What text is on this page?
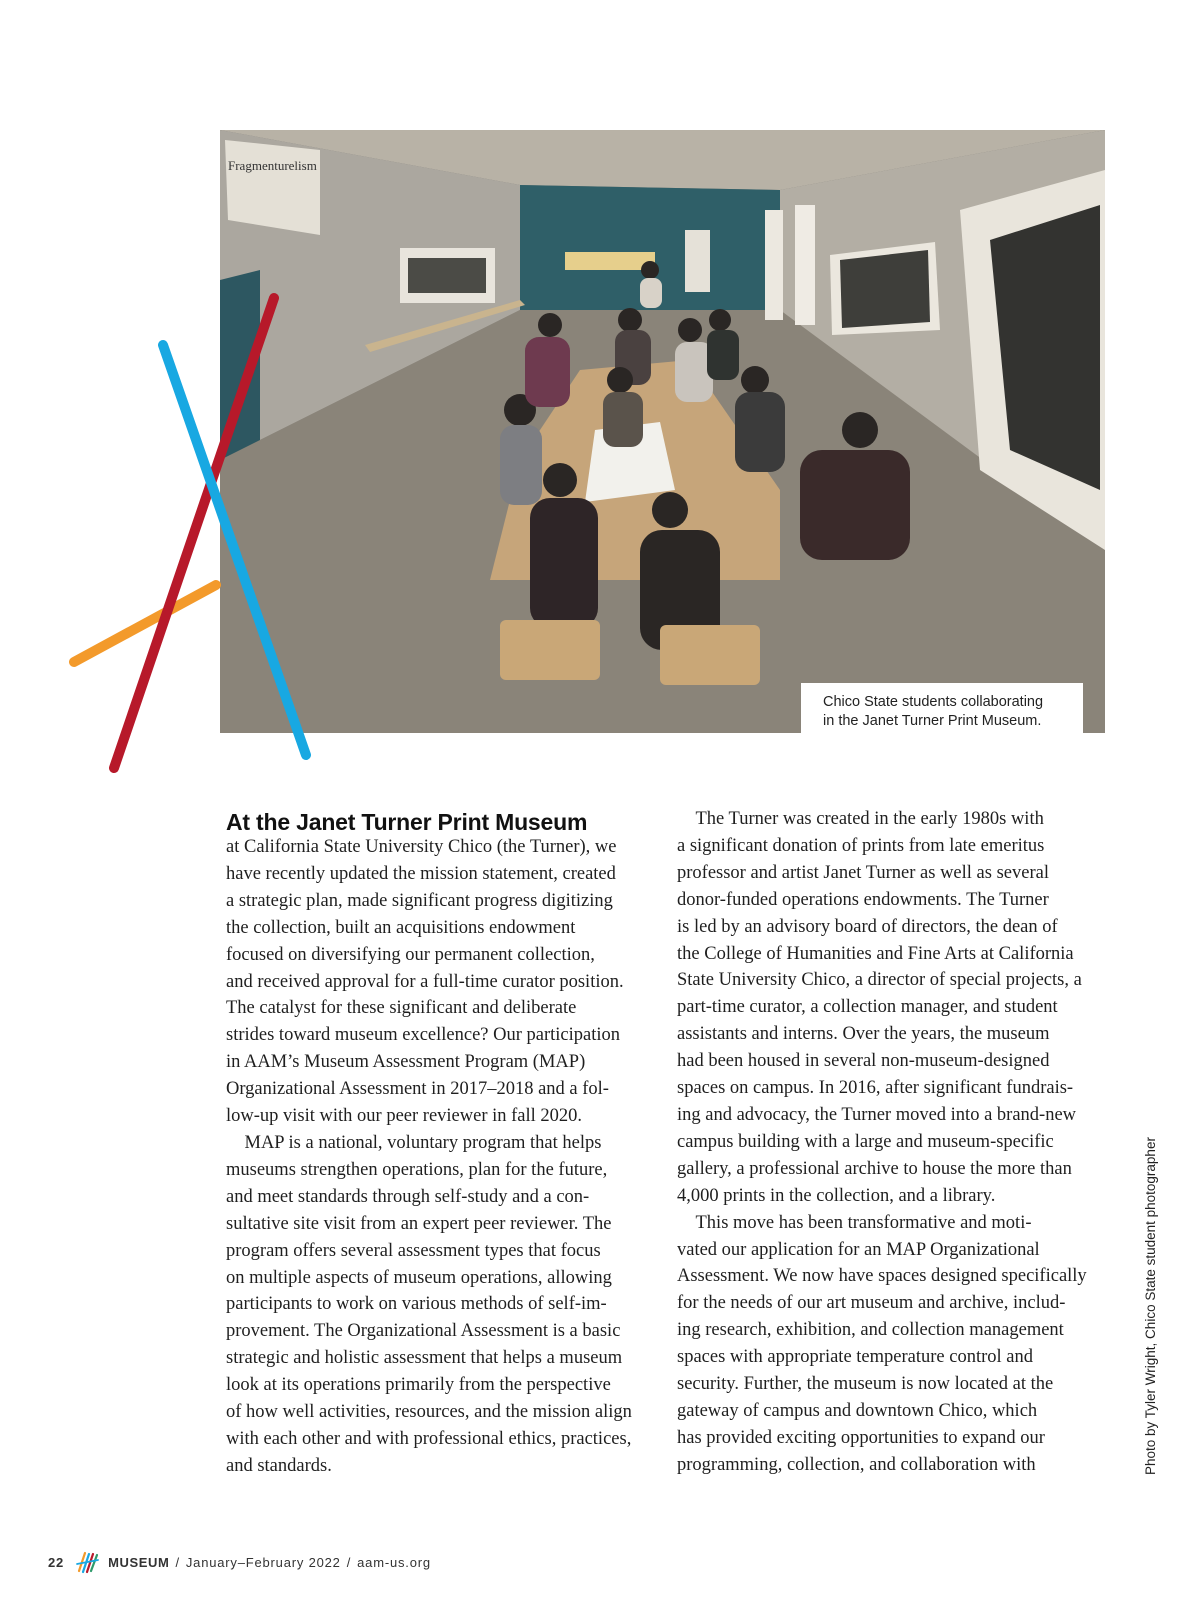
Fragmenturelism
Chico State students collaborating
in the Janet Turner Print Museum.
At the Janet Turner Print Museum

at California State University Chico (the Turner), we

have recently updated the mission statement, created

a strategic plan, made significant progress digitizing

the collection, built an acquisitions endowment

focused on diversifying our permanent collection,

and received approval for a full-time curator position.

The catalyst for these significant and deliberate

strides toward museum excellence? Our participation

in AAM’s Museum Assessment Program (MAP)

Organizational Assessment in 2017–2018 and a fol-

low-up visit with our peer reviewer in fall 2020.

 MAP is a national, voluntary program that helps

museums strengthen operations, plan for the future,

and meet standards through self-study and a con-

sultative site visit from an expert peer reviewer. The

program offers several assessment types that focus

on multiple aspects of museum operations, allowing

participants to work on various methods of self-im-

provement. The Organizational Assessment is a basic

strategic and holistic assessment that helps a museum

look at its operations primarily from the perspective

of how well activities, resources, and the mission align

with each other and with professional ethics, practices,

and standards.

 The Turner was created in the early 1980s with

a significant donation of prints from late emeritus

professor and artist Janet Turner as well as several

donor-funded operations endowments. The Turner

is led by an advisory board of directors, the dean of

the College of Humanities and Fine Arts at California

State University Chico, a director of special projects, a

part-time curator, a collection manager, and student

assistants and interns. Over the years, the museum

had been housed in several non-museum-designed

spaces on campus. In 2016, after significant fundrais-

ing and advocacy, the Turner moved into a brand-new

campus building with a large and museum-specific

gallery, a professional archive to house the more than

4,000 prints in the collection, and a library.

 This move has been transformative and moti-

vated our application for an MAP Organizational

Assessment. We now have spaces designed specifically

for the needs of our art museum and archive, includ-

ing research, exhibition, and collection management

spaces with appropriate temperature control and

security. Further, the museum is now located at the

gateway of campus and downtown Chico, which

has provided exciting opportunities to expand our

programming, collection, and collaboration with	Photo by Tyler Wright, Chico State student photographer
22	MUSEUM / January–February 2022 / aam-us.org
